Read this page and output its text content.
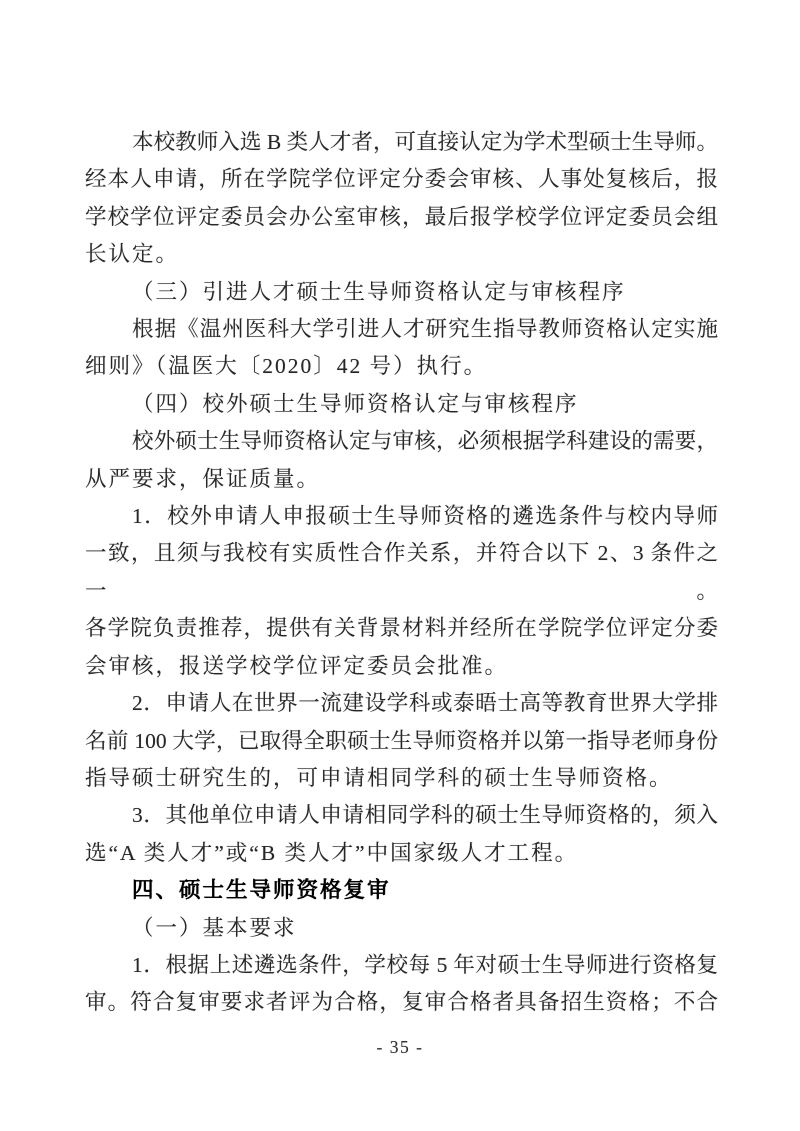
本校教师入选 B 类人才者，可直接认定为学术型硕士生导师。
经本人申请，所在学院学位评定分委会审核、人事处复核后，报
学校学位评定委员会办公室审核，最后报学校学位评定委员会组
长认定。
（三）引进人才硕士生导师资格认定与审核程序
根据《温州医科大学引进人才研究生指导教师资格认定实施
细则》（温医大〔2020〕42 号）执行。
（四）校外硕士生导师资格认定与审核程序
校外硕士生导师资格认定与审核，必须根据学科建设的需要，
从严要求，保证质量。
1．校外申请人申报硕士生导师资格的遴选条件与校内导师
一致，且须与我校有实质性合作关系，并符合以下 2、3 条件之一。
各学院负责推荐，提供有关背景材料并经所在学院学位评定分委
会审核，报送学校学位评定委员会批准。
2．申请人在世界一流建设学科或泰晤士高等教育世界大学排
名前 100 大学，已取得全职硕士生导师资格并以第一指导老师身份
指导硕士研究生的，可申请相同学科的硕士生导师资格。
3．其他单位申请人申请相同学科的硕士生导师资格的，须入
选“A 类人才”或“B 类人才”中国家级人才工程。
四、硕士生导师资格复审
（一）基本要求
1．根据上述遴选条件，学校每 5 年对硕士生导师进行资格复
审。符合复审要求者评为合格，复审合格者具备招生资格；不合
- 35 -
